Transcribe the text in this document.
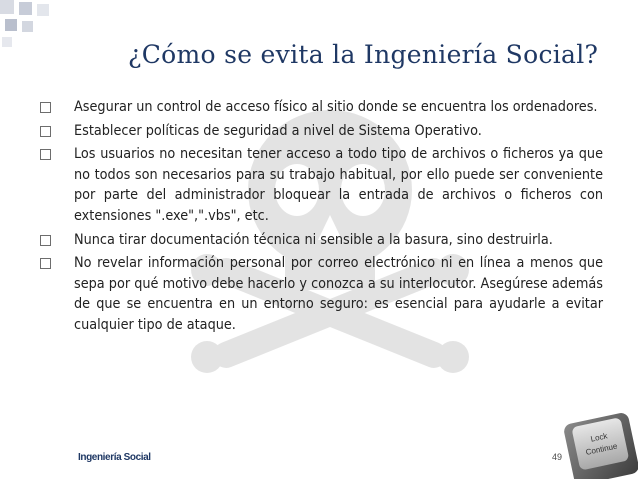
¿Cómo se evita la Ingeniería Social?
Asegurar un control de acceso físico al sitio donde se encuentra los ordenadores.
Establecer políticas de seguridad a nivel de Sistema Operativo.
Los usuarios no necesitan tener acceso a todo tipo de archivos o ficheros ya que no todos son necesarios para su trabajo habitual, por ello puede ser conveniente por parte del administrador bloquear la entrada de archivos o ficheros con extensiones ".exe",".vbs", etc.
Nunca tirar documentación técnica ni sensible a la basura, sino destruirla.
No revelar información personal por correo electrónico ni en línea a menos que sepa por qué motivo debe hacerlo y conozca a su interlocutor. Asegúrese además de que se encuentra en un entorno seguro: es esencial para ayudarle a evitar cualquier tipo de ataque.
Ingeniería Social	49
Lock
Continue
